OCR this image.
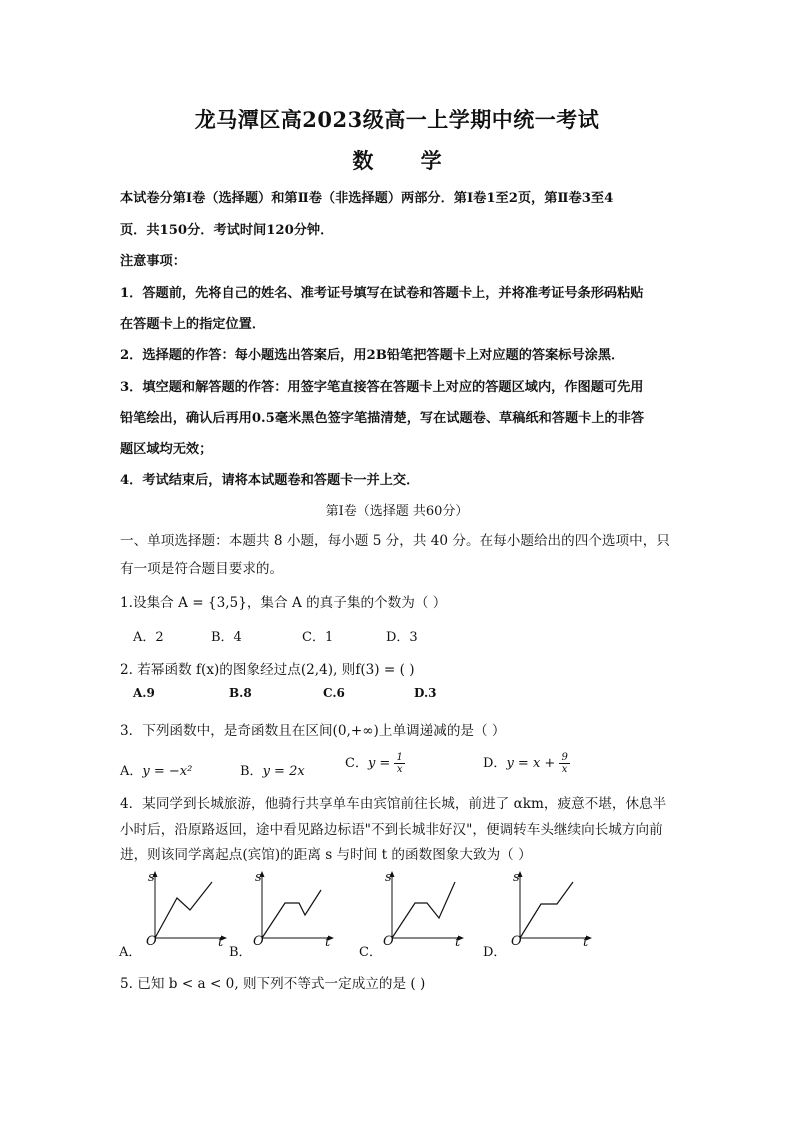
龙马潭区高2023级高一上学期中统一考试
数 学
本试卷分第Ⅰ卷（选择题）和第Ⅱ卷（非选择题）两部分．第Ⅰ卷1至2页，第Ⅱ卷3至4
页．共150分．考试时间120分钟．
注意事项：
1．答题前，先将自己的姓名、准考证号填写在试卷和答题卡上，并将准考证号条形码粘贴
在答题卡上的指定位置．
2．选择题的作答：每小题选出答案后，用2B铅笔把答题卡上对应题的答案标号涂黑．
3．填空题和解答题的作答：用签字笔直接答在答题卡上对应的答题区域内，作图题可先用
铅笔绘出，确认后再用0.5毫米黑色签字笔描清楚，写在试题卷、草稿纸和答题卡上的非答
题区域均无效；
4．考试结束后，请将本试题卷和答题卡一并上交．
第Ⅰ卷（选择题 共60分）
一、单项选择题：本题共 8 小题，每小题 5 分，共 40 分。在每小题给出的四个选项中，只
有一项是符合题目要求的。
1.设集合 A = {3,5}，集合 A 的真子集的个数为（ ）
A．2	B．4	C．1	D．3
2. 若幂函数 f(x)的图象经过点(2,4), 则f(3) = ( )
A.9	B.8	C.6	D.3
3．下列函数中，是奇函数且在区间(0,+∞)上单调递减的是（ ）
A．y = −x²	B．y = 2x
C．$y = \frac{1}{x}$	D．$y = x + \frac{9}{x}$
4．某同学到长城旅游，他骑行共享单车由宾馆前往长城，前进了 αkm，疲意不堪，休息半
小时后，沿原路返回，途中看见路边标语"不到长城非好汉"，便调转车头继续向长城方向前
进，则该同学离起点(宾馆)的距离 s 与时间 t 的函数图象大致为（ ）
s
O	t
s
O	t
s
O	t
s
O	t
A．	B．	C．	D．
5. 已知 b < a < 0, 则下列不等式一定成立的是 ( )
